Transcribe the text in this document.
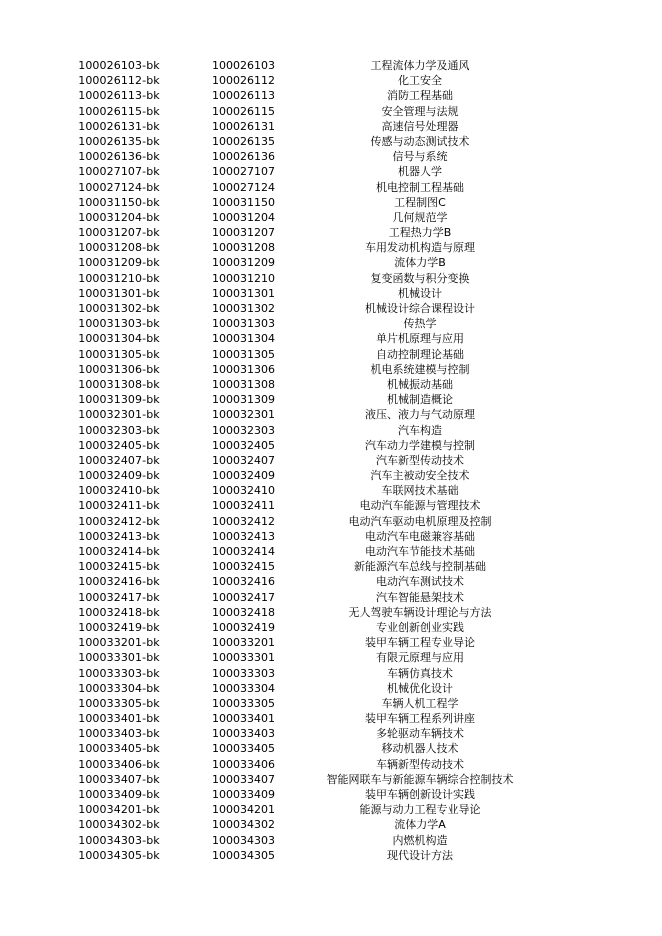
100026103-bk	100026103	工程流体力学及通风
100026112-bk	100026112	化工安全
100026113-bk	100026113	消防工程基础
100026115-bk	100026115	安全管理与法规
100026131-bk	100026131	高速信号处理器
100026135-bk	100026135	传感与动态测试技术
100026136-bk	100026136	信号与系统
100027107-bk	100027107	机器人学
100027124-bk	100027124	机电控制工程基础
100031150-bk	100031150	工程制图C
100031204-bk	100031204	几何规范学
100031207-bk	100031207	工程热力学B
100031208-bk	100031208	车用发动机构造与原理
100031209-bk	100031209	流体力学B
100031210-bk	100031210	复变函数与积分变换
100031301-bk	100031301	机械设计
100031302-bk	100031302	机械设计综合课程设计
100031303-bk	100031303	传热学
100031304-bk	100031304	单片机原理与应用
100031305-bk	100031305	自动控制理论基础
100031306-bk	100031306	机电系统建模与控制
100031308-bk	100031308	机械振动基础
100031309-bk	100031309	机械制造概论
100032301-bk	100032301	液压、液力与气动原理
100032303-bk	100032303	汽车构造
100032405-bk	100032405	汽车动力学建模与控制
100032407-bk	100032407	汽车新型传动技术
100032409-bk	100032409	汽车主被动安全技术
100032410-bk	100032410	车联网技术基础
100032411-bk	100032411	电动汽车能源与管理技术
100032412-bk	100032412	电动汽车驱动电机原理及控制
100032413-bk	100032413	电动汽车电磁兼容基础
100032414-bk	100032414	电动汽车节能技术基础
100032415-bk	100032415	新能源汽车总线与控制基础
100032416-bk	100032416	电动汽车测试技术
100032417-bk	100032417	汽车智能悬架技术
100032418-bk	100032418	无人驾驶车辆设计理论与方法
100032419-bk	100032419	专业创新创业实践
100033201-bk	100033201	装甲车辆工程专业导论
100033301-bk	100033301	有限元原理与应用
100033303-bk	100033303	车辆仿真技术
100033304-bk	100033304	机械优化设计
100033305-bk	100033305	车辆人机工程学
100033401-bk	100033401	装甲车辆工程系列讲座
100033403-bk	100033403	多轮驱动车辆技术
100033405-bk	100033405	移动机器人技术
100033406-bk	100033406	车辆新型传动技术
100033407-bk	100033407	智能网联车与新能源车辆综合控制技术
100033409-bk	100033409	装甲车辆创新设计实践
100034201-bk	100034201	能源与动力工程专业导论
100034302-bk	100034302	流体力学A
100034303-bk	100034303	内燃机构造
100034305-bk	100034305	现代设计方法
